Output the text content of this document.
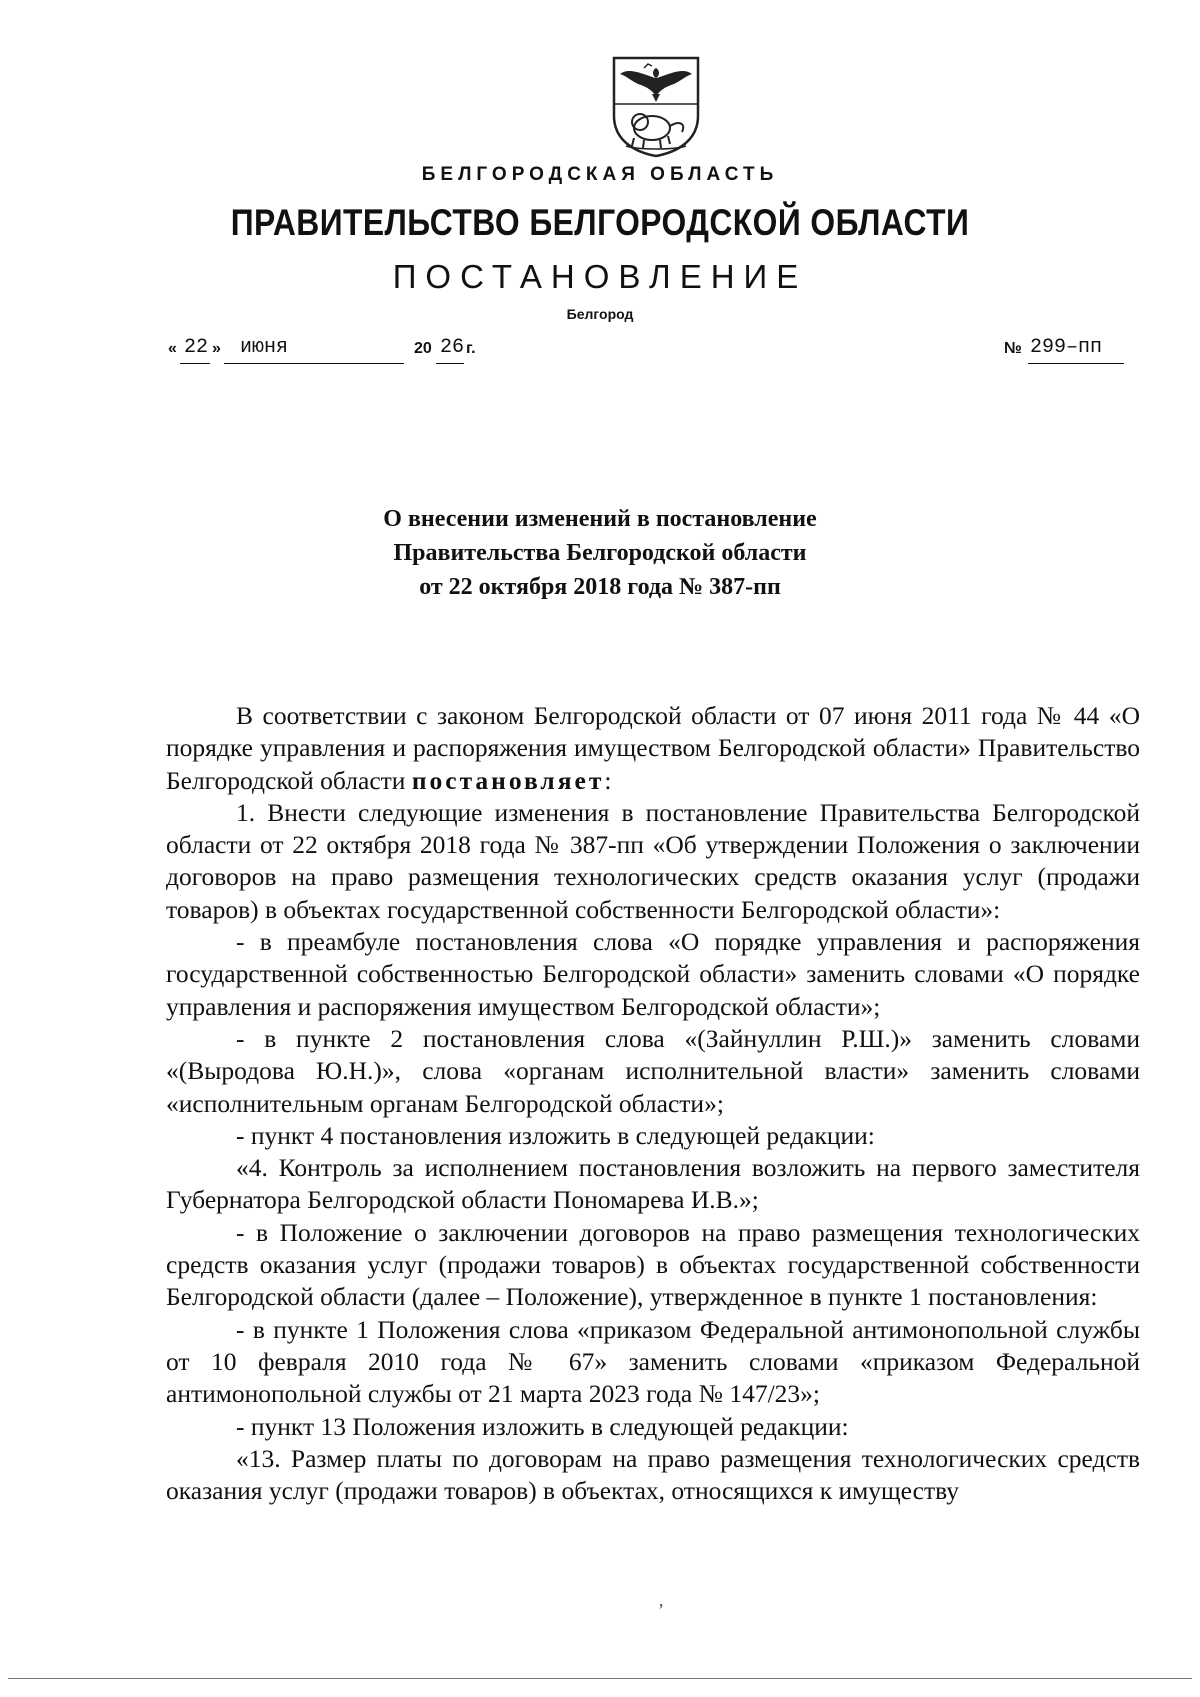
БЕЛГОРОДСКАЯ ОБЛАСТЬ
ПРАВИТЕЛЬСТВО БЕЛГОРОДСКОЙ ОБЛАСТИ
ПОСТАНОВЛЕНИЕ
Белгород
« 22 » июня	20 26 г.	№ 299–пп
О внесении изменений в постановление
Правительства Белгородской области
от 22 октября 2018 года № 387-пп

В соответствии с законом Белгородской области от 07 июня 2011 года № 44 «О порядке управления и распоряжения имуществом Белгородской области» Правительство Белгородской области постановляет:

1. Внести следующие изменения в постановление Правительства Белгородской области от 22 октября 2018 года № 387-пп «Об утверждении Положения о заключении договоров на право размещения технологических средств оказания услуг (продажи товаров) в объектах государственной собственности Белгородской области»:

- в преамбуле постановления слова «О порядке управления и распоряжения государственной собственностью Белгородской области» заменить словами «О порядке управления и распоряжения имуществом Белгородской области»;

- в пункте 2 постановления слова «(Зайнуллин Р.Ш.)» заменить словами «(Выродова Ю.Н.)», слова «органам исполнительной власти» заменить словами «исполнительным органам Белгородской области»;

- пункт 4 постановления изложить в следующей редакции:

«4. Контроль за исполнением постановления возложить на первого заместителя Губернатора Белгородской области Пономарева И.В.»;

- в Положение о заключении договоров на право размещения технологических средств оказания услуг (продажи товаров) в объектах государственной собственности Белгородской области (далее – Положение), утвержденное в пункте 1 постановления:

- в пункте 1 Положения слова «приказом Федеральной антимонопольной службы от 10 февраля 2010 года № 67» заменить словами «приказом Федеральной антимонопольной службы от 21 марта 2023 года № 147/23»;

- пункт 13 Положения изложить в следующей редакции:

«13. Размер платы по договорам на право размещения технологических средств оказания услуг (продажи товаров) в объектах, относящихся к имуществу

ʼ
